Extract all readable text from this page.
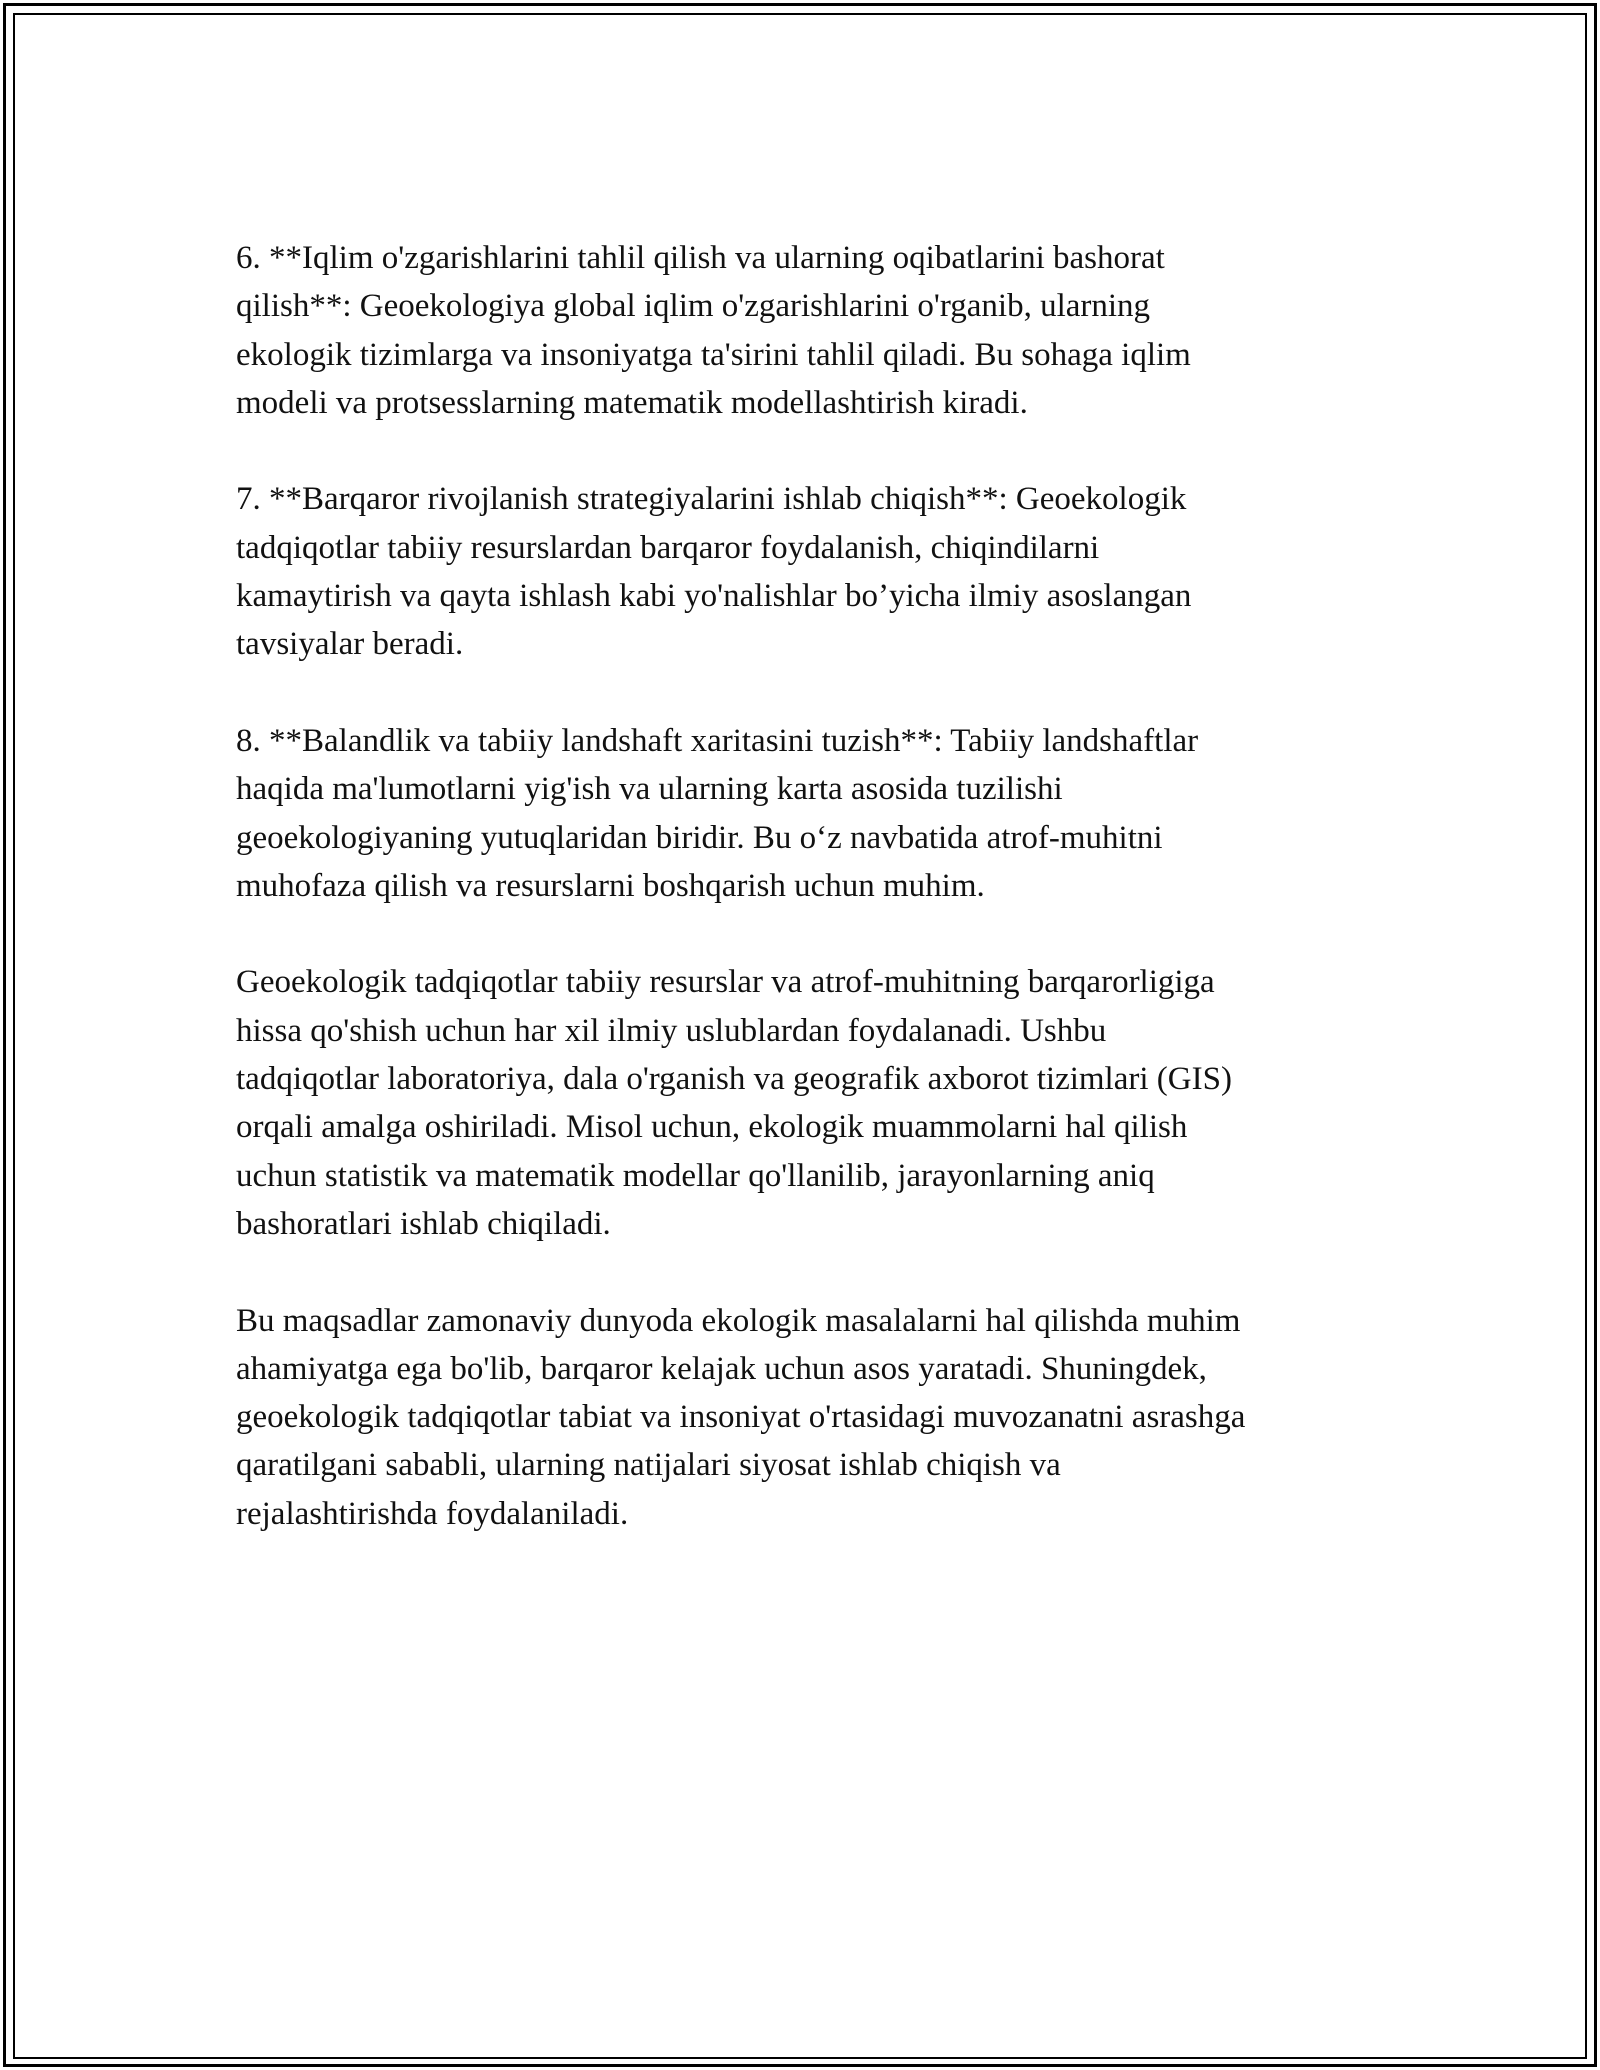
6. **Iqlim o'zgarishlarini tahlil qilish va ularning oqibatlarini bashorat
qilish**: Geoekologiya global iqlim o'zgarishlarini o'rganib, ularning
ekologik tizimlarga va insoniyatga ta'sirini tahlil qiladi. Bu sohaga iqlim
modeli va protsesslarning matematik modellashtirish kiradi.

7. **Barqaror rivojlanish strategiyalarini ishlab chiqish**: Geoekologik
tadqiqotlar tabiiy resurslardan barqaror foydalanish, chiqindilarni
kamaytirish va qayta ishlash kabi yo'nalishlar bo’yicha ilmiy asoslangan
tavsiyalar beradi.

8. **Balandlik va tabiiy landshaft xaritasini tuzish**: Tabiiy landshaftlar
haqida ma'lumotlarni yig'ish va ularning karta asosida tuzilishi
geoekologiyaning yutuqlaridan biridir. Bu o‘z navbatida atrof-muhitni
muhofaza qilish va resurslarni boshqarish uchun muhim.

Geoekologik tadqiqotlar tabiiy resurslar va atrof-muhitning barqarorligiga
hissa qo'shish uchun har xil ilmiy uslublardan foydalanadi. Ushbu
tadqiqotlar laboratoriya, dala o'rganish va geografik axborot tizimlari (GIS)
orqali amalga oshiriladi. Misol uchun, ekologik muammolarni hal qilish
uchun statistik va matematik modellar qo'llanilib, jarayonlarning aniq
bashoratlari ishlab chiqiladi.

Bu maqsadlar zamonaviy dunyoda ekologik masalalarni hal qilishda muhim
ahamiyatga ega bo'lib, barqaror kelajak uchun asos yaratadi. Shuningdek,
geoekologik tadqiqotlar tabiat va insoniyat o'rtasidagi muvozanatni asrashga
qaratilgani sababli, ularning natijalari siyosat ishlab chiqish va
rejalashtirishda foydalaniladi.
